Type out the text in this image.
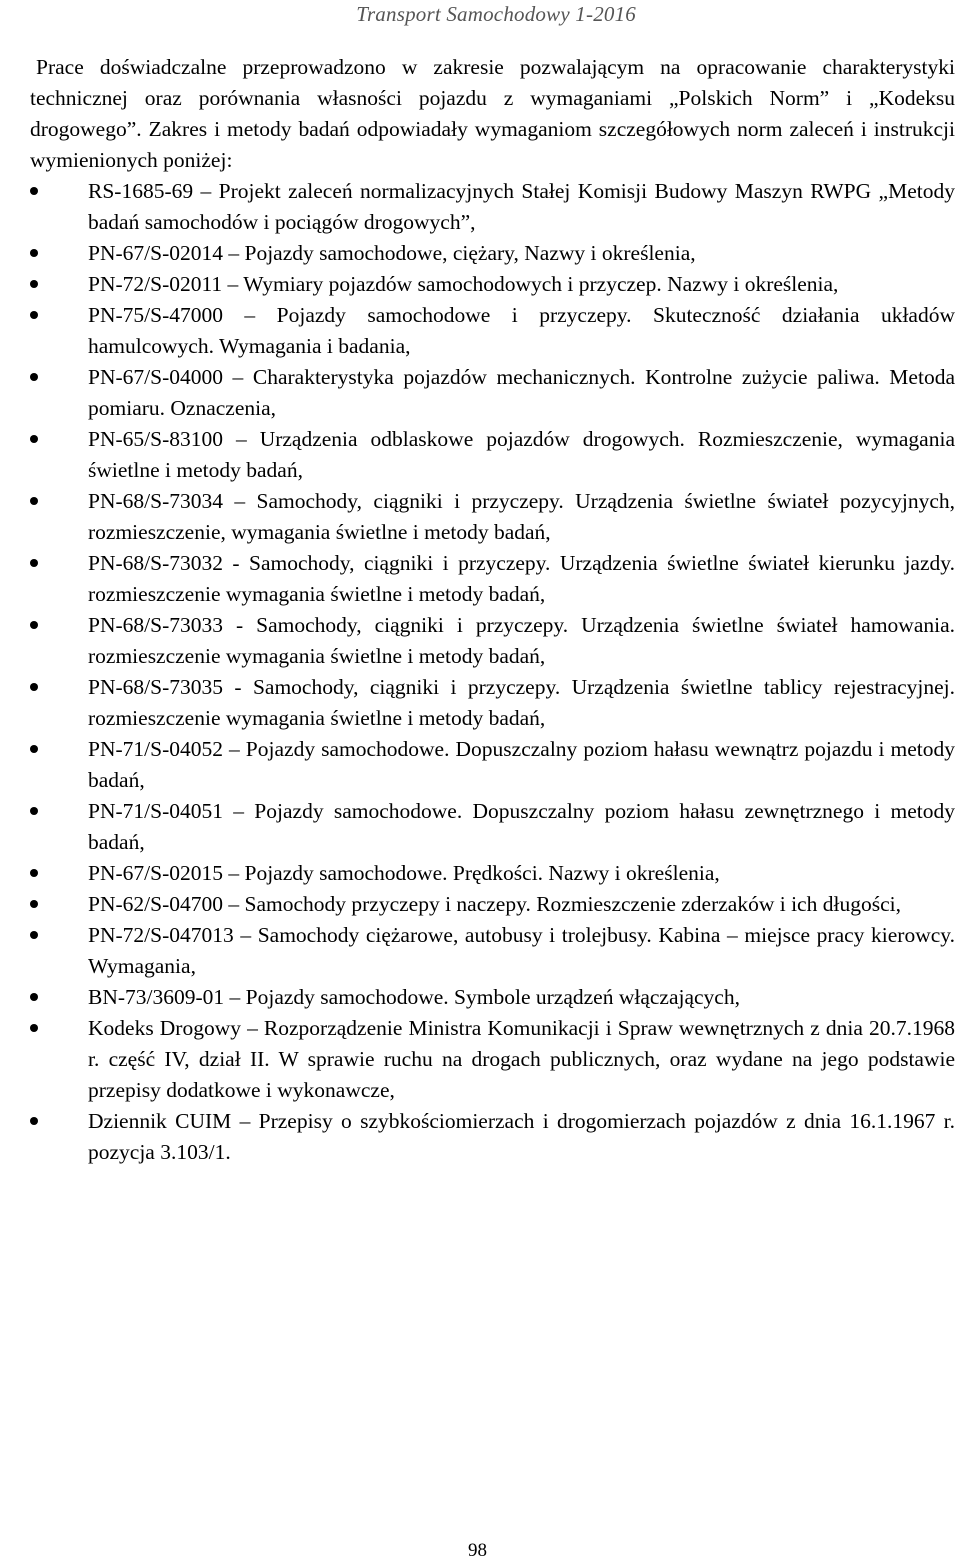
Transport Samochodowy 1-2016

Prace doświadczalne przeprowadzono w zakresie pozwalającym na opracowanie charakterystyki technicznej oraz porównania własności pojazdu z wymaganiami „Polskich Norm” i „Kodeksu drogowego”. Zakres i metody badań odpowiadały wymaganiom szczegółowych norm zaleceń i instrukcji wymienionych poniżej:

RS-1685-69 – Projekt zaleceń normalizacyjnych Stałej Komisji Budowy Maszyn RWPG „Metody badań samochodów i pociągów drogowych”,
PN-67/S-02014 – Pojazdy samochodowe, ciężary, Nazwy i określenia,
PN-72/S-02011 – Wymiary pojazdów samochodowych i przyczep. Nazwy i określenia,
PN-75/S-47000 – Pojazdy samochodowe i przyczepy. Skuteczność działania układów hamulcowych. Wymagania i badania,
PN-67/S-04000 – Charakterystyka pojazdów mechanicznych. Kontrolne zużycie paliwa. Metoda pomiaru. Oznaczenia,
PN-65/S-83100 – Urządzenia odblaskowe pojazdów drogowych. Rozmieszczenie, wymagania świetlne i metody badań,
PN-68/S-73034 – Samochody, ciągniki i przyczepy. Urządzenia świetlne świateł pozycyjnych, rozmieszczenie, wymagania świetlne i metody badań,
PN-68/S-73032 - Samochody, ciągniki i przyczepy. Urządzenia świetlne świateł kierunku jazdy. rozmieszczenie wymagania świetlne i metody badań,
PN-68/S-73033 - Samochody, ciągniki i przyczepy. Urządzenia świetlne świateł hamowania. rozmieszczenie wymagania świetlne i metody badań,
PN-68/S-73035 - Samochody, ciągniki i przyczepy. Urządzenia świetlne tablicy rejestracyjnej. rozmieszczenie wymagania świetlne i metody badań,
PN-71/S-04052 – Pojazdy samochodowe. Dopuszczalny poziom hałasu wewnątrz pojazdu i metody badań,
PN-71/S-04051 – Pojazdy samochodowe. Dopuszczalny poziom hałasu zewnętrznego i metody badań,
PN-67/S-02015 – Pojazdy samochodowe. Prędkości. Nazwy i określenia,
PN-62/S-04700 – Samochody przyczepy i naczepy. Rozmieszczenie zderzaków i ich długości,
PN-72/S-047013 – Samochody ciężarowe, autobusy i trolejbusy. Kabina – miejsce pracy kierowcy. Wymagania,
BN-73/3609-01 – Pojazdy samochodowe. Symbole urządzeń włączających,
Kodeks Drogowy – Rozporządzenie Ministra Komunikacji i Spraw wewnętrznych z dnia 20.7.1968 r. część IV, dział II. W sprawie ruchu na drogach publicznych, oraz wydane na jego podstawie przepisy dodatkowe i wykonawcze,
Dziennik CUIM – Przepisy o szybkościomierzach i drogomierzach pojazdów z dnia 16.1.1967 r. pozycja 3.103/1.
98
